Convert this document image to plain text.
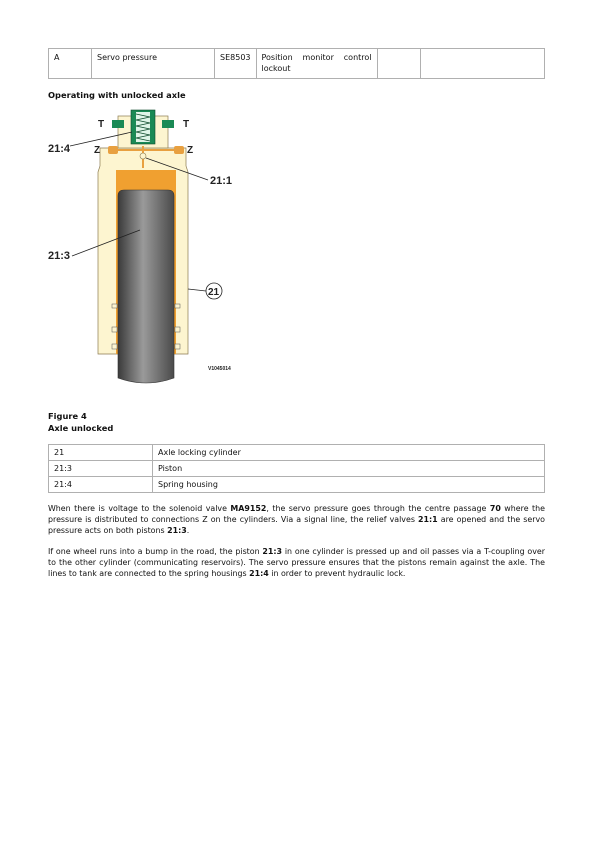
A	Servo pressure	SE8503	Position monitor control lockout		
Operating with unlocked axle
T	T
Z	Z
21:4
21:1
21:3
21
V1045014
Figure 4
Axle unlocked
21	Axle locking cylinder
21:3	Piston
21:4	Spring housing
When there is voltage to the solenoid valve MA9152, the servo pressure goes through the centre passage 70 where the pressure is distributed to connections Z on the cylinders. Via a signal line, the relief valves 21:1 are opened and the servo pressure acts on both pistons 21:3.
If one wheel runs into a bump in the road, the piston 21:3 in one cylinder is pressed up and oil passes via a T-coupling over to the other cylinder (communicating reservoirs). The servo pressure ensures that the pistons remain against the axle. The lines to tank are connected to the spring housings 21:4 in order to prevent hydraulic lock.
